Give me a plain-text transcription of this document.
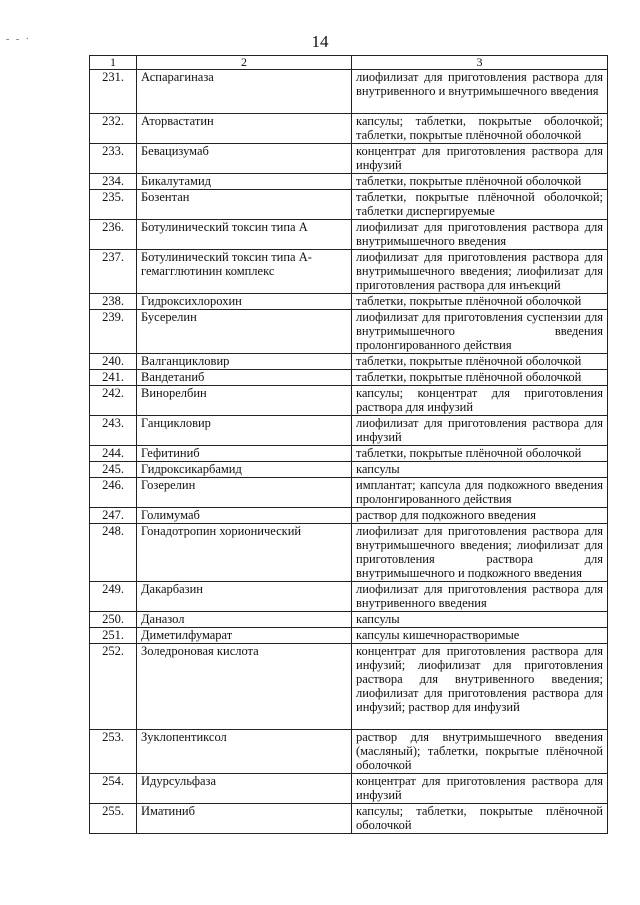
- - ·	14
1	2	3
231.	Аспарагиназа	лиофилизат для приготовления раствора для внутривенного и внутримышечного введения
232.	Аторвастатин	капсулы; таблетки, покрытые оболочкой; таблетки, покрытые плёночной оболочкой
233.	Бевацизумаб	концентрат для приготовления раствора для инфузий
234.	Бикалутамид	таблетки, покрытые плёночной оболочкой
235.	Бозентан	таблетки, покрытые плёночной оболочкой; таблетки диспергируемые
236.	Ботулинический токсин типа А	лиофилизат для приготовления раствора для внутримышечного введения
237.	Ботулинический токсин типа А-гемагглютинин комплекс	лиофилизат для приготовления раствора для внутримышечного введения; лиофилизат для приготовления раствора для инъекций
238.	Гидроксихлорохин	таблетки, покрытые плёночной оболочкой
239.	Бусерелин	лиофилизат для приготовления суспензии для внутримышечного введения пролонгированного действия
240.	Валганцикловир	таблетки, покрытые плёночной оболочкой
241.	Вандетаниб	таблетки, покрытые плёночной оболочкой
242.	Винорелбин	капсулы; концентрат для приготовления раствора для инфузий
243.	Ганцикловир	лиофилизат для приготовления раствора для инфузий
244.	Гефитиниб	таблетки, покрытые плёночной оболочкой
245.	Гидроксикарбамид	капсулы
246.	Гозерелин	имплантат; капсула для подкожного введения пролонгированного действия
247.	Голимумаб	раствор для подкожного введения
248.	Гонадотропин хорионический	лиофилизат для приготовления раствора для внутримышечного введения; лиофилизат для приготовления раствора для внутримышечного и подкожного введения
249.	Дакарбазин	лиофилизат для приготовления раствора для внутривенного введения
250.	Даназол	капсулы
251.	Диметилфумарат	капсулы кишечнорастворимые
252.	Золедроновая кислота	концентрат для приготовления раствора для инфузий; лиофилизат для приготовления раствора для внутривенного введения; лиофилизат для приготовления раствора для инфузий; раствор для инфузий
253.	Зуклопентиксол	раствор для внутримышечного введения (масляный); таблетки, покрытые плёночной оболочкой
254.	Идурсульфаза	концентрат для приготовления раствора для инфузий
255.	Иматиниб	капсулы; таблетки, покрытые плёночной оболочкой
